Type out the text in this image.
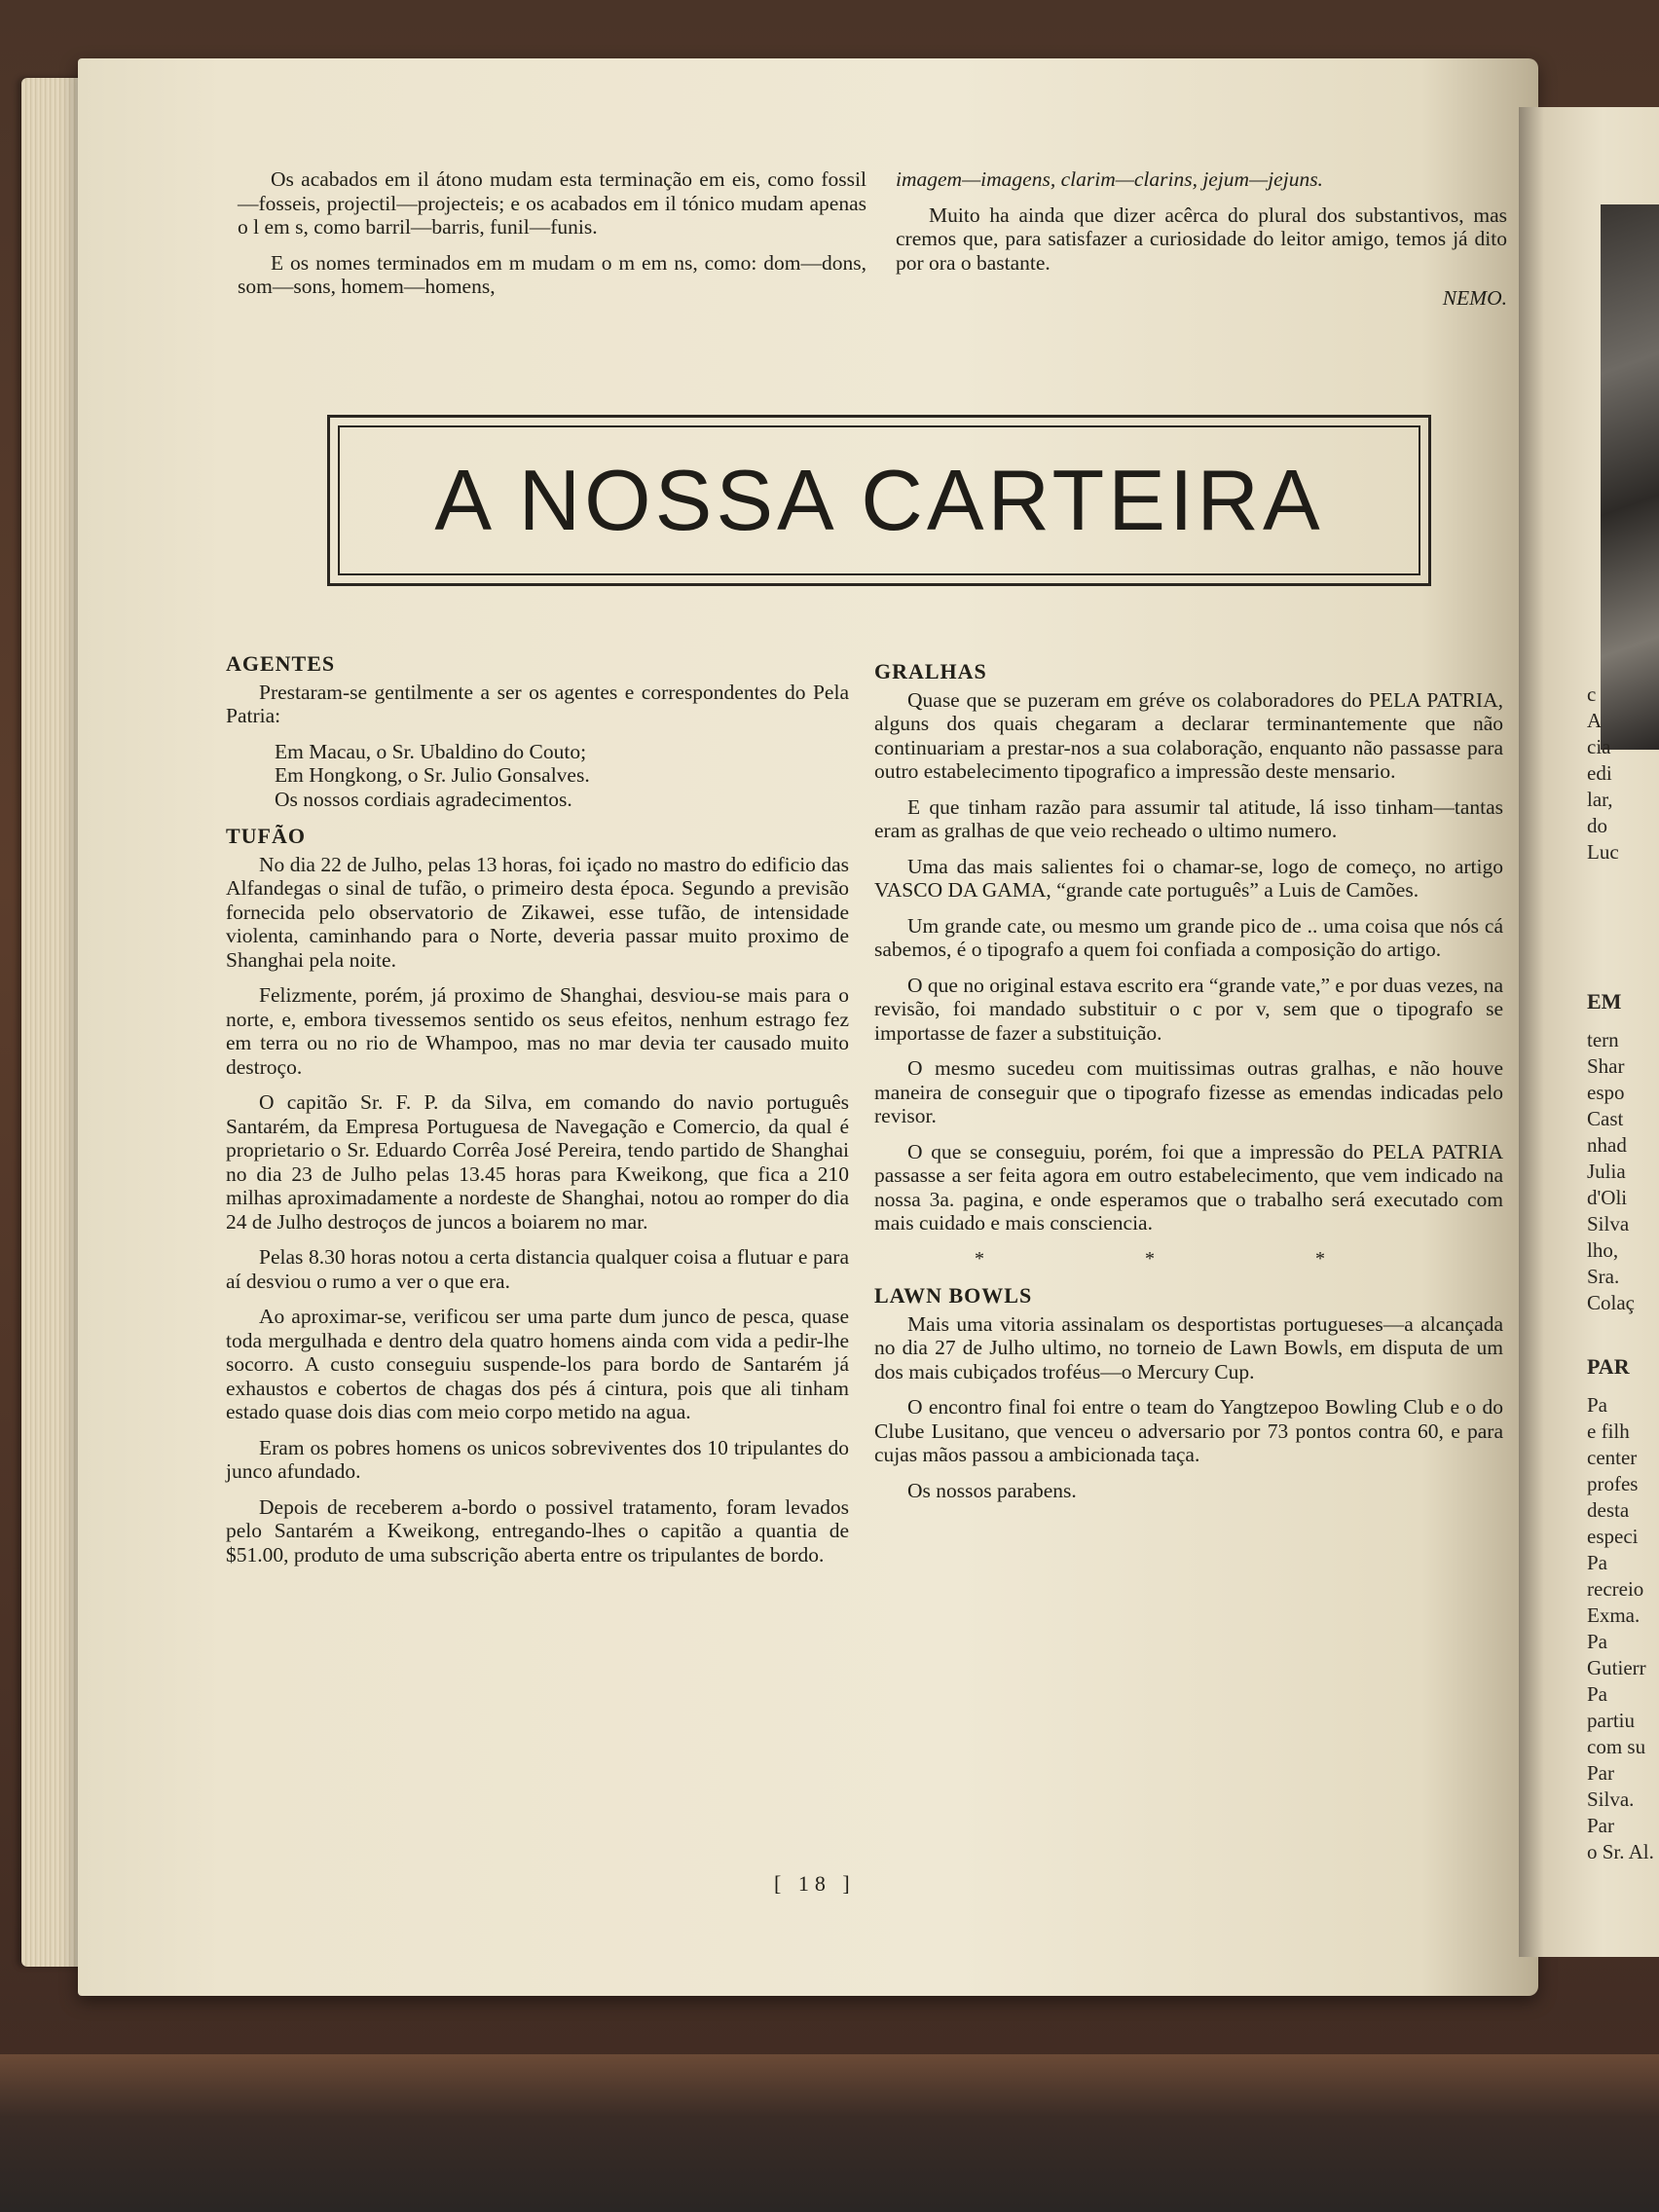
c
A
cia
edi
lar,
do
Luc
EM
tern
Shar
espo
Cast
nhad
Julia
d'Oli
Silva
lho,
Sra.
Colaç
PAR
Pa
e filh
center
profes
desta
especi
Pa
recreio
Exma.
Pa
Gutierr
Pa
partiu
com su
Par
Silva.
Par
o Sr. Al.

Os acabados em il átono mudam esta terminação em eis, como fossil—fosseis, projectil—projecteis; e os acabados em il tónico mudam apenas o l em s, como barril—barris, funil—funis.

E os nomes terminados em m mudam o m em ns, como: dom—dons, som—sons, homem—homens,

imagem—imagens, clarim—clarins, jejum—jejuns.

Muito ha ainda que dizer acêrca do plural dos substantivos, mas cremos que, para satisfazer a curiosidade do leitor amigo, temos já dito por ora o bastante.

NEMO.
A NOSSA CARTEIRA
AGENTES

Prestaram-se gentilmente a ser os agentes e correspondentes do Pela Patria:

Em Macau, o Sr. Ubaldino do Couto;

Em Hongkong, o Sr. Julio Gonsalves.

Os nossos cordiais agradecimentos.

TUFÃO

No dia 22 de Julho, pelas 13 horas, foi içado no mastro do edificio das Alfandegas o sinal de tufão, o primeiro desta época. Segundo a previsão fornecida pelo observatorio de Zikawei, esse tufão, de intensidade violenta, caminhando para o Norte, deveria passar muito proximo de Shanghai pela noite.

Felizmente, porém, já proximo de Shanghai, desviou-se mais para o norte, e, embora tivessemos sentido os seus efeitos, nenhum estrago fez em terra ou no rio de Whampoo, mas no mar devia ter causado muito destroço.

O capitão Sr. F. P. da Silva, em comando do navio português Santarém, da Empresa Portuguesa de Navegação e Comercio, da qual é proprietario o Sr. Eduardo Corrêa José Pereira, tendo partido de Shanghai no dia 23 de Julho pelas 13.45 horas para Kweikong, que fica a 210 milhas aproximadamente a nordeste de Shanghai, notou ao romper do dia 24 de Julho destroços de juncos a boiarem no mar.

Pelas 8.30 horas notou a certa distancia qualquer coisa a flutuar e para aí desviou o rumo a ver o que era.

Ao aproximar-se, verificou ser uma parte dum junco de pesca, quase toda mergulhada e dentro dela quatro homens ainda com vida a pedir-lhe socorro. A custo conseguiu suspende-los para bordo de Santarém já exhaustos e cobertos de chagas dos pés á cintura, pois que ali tinham estado quase dois dias com meio corpo metido na agua.

Eram os pobres homens os unicos sobreviventes dos 10 tripulantes do junco afundado.

Depois de receberem a-bordo o possivel tratamento, foram levados pelo Santarém a Kweikong, entregando-lhes o capitão a quantia de $51.00, produto de uma subscrição aberta entre os tripulantes de bordo.

GRALHAS

Quase que se puzeram em gréve os colaboradores do PELA PATRIA, alguns dos quais chegaram a declarar terminantemente que não continuariam a prestar-nos a sua colaboração, enquanto não passasse para outro estabelecimento tipografico a impressão deste mensario.

E que tinham razão para assumir tal atitude, lá isso tinham—tantas eram as gralhas de que veio recheado o ultimo numero.

Uma das mais salientes foi o chamar-se, logo de começo, no artigo VASCO DA GAMA, “grande cate português” a Luis de Camões.

Um grande cate, ou mesmo um grande pico de .. uma coisa que nós cá sabemos, é o tipografo a quem foi confiada a composição do artigo.

O que no original estava escrito era “grande vate,” e por duas vezes, na revisão, foi mandado substituir o c por v, sem que o tipografo se importasse de fazer a substituição.

O mesmo sucedeu com muitissimas outras gralhas, e não houve maneira de conseguir que o tipografo fizesse as emendas indicadas pelo revisor.

O que se conseguiu, porém, foi que a impressão do PELA PATRIA passasse a ser feita agora em outro estabelecimento, que vem indicado na nossa 3a. pagina, e onde esperamos que o trabalho será executado com mais cuidado e mais consciencia.

* * *
LAWN BOWLS

Mais uma vitoria assinalam os desportistas portugueses—a alcançada no dia 27 de Julho ultimo, no torneio de Lawn Bowls, em disputa de um dos mais cubiçados troféus—o Mercury Cup.

O encontro final foi entre o team do Yangtzepoo Bowling Club e o do Clube Lusitano, que venceu o adversario por 73 pontos contra 60, e para cujas mãos passou a ambicionada taça.

Os nossos parabens.

[ 18 ]
